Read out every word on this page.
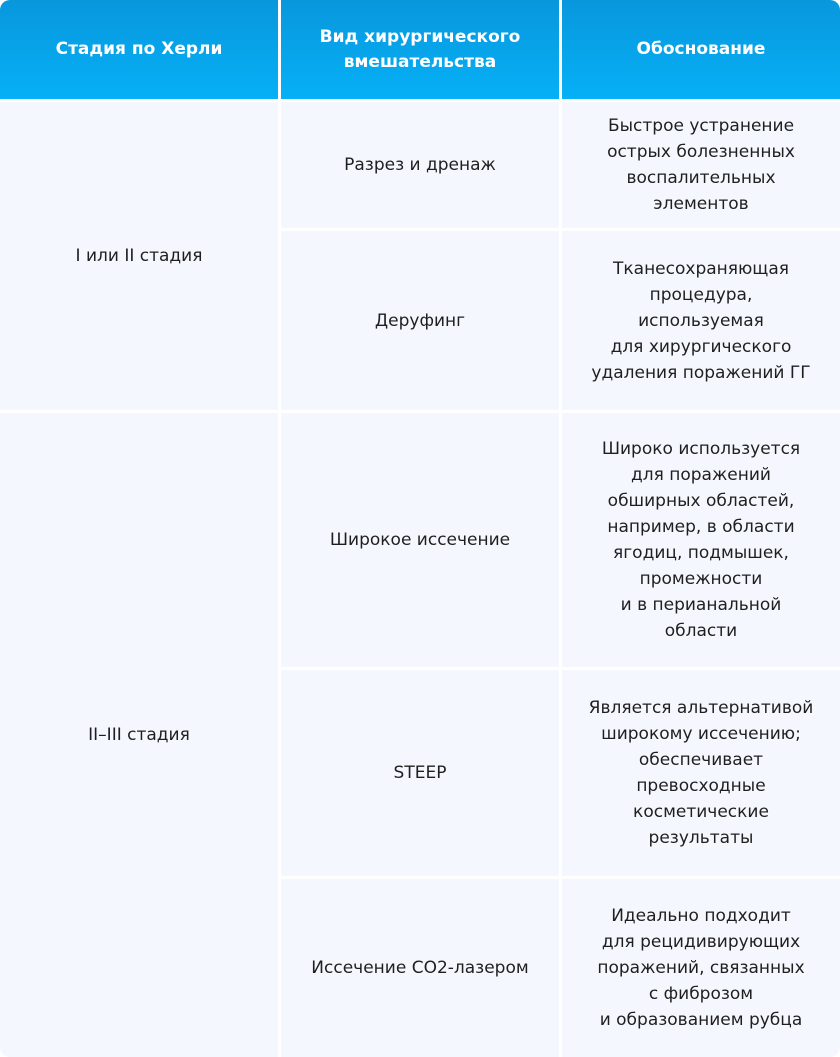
Стадия по Херли
Вид хирургического
вмешательства
Обоснование
I или II стадия
II–III стадия
Разрез и дренаж
Быстрое устранение
острых болезненных
воспалительных
элементов
Деруфинг
Тканесохраняющая
процедура,
используемая
для хирургического
удаления поражений ГГ
Широкое иссечение
Широко используется
для поражений
обширных областей,
например, в области
ягодиц, подмышек,
промежности
и в перианальной
области
STEEP
Является альтернативой
широкому иссечению;
обеспечивает
превосходные
косметические
результаты
Иссечение СО2-лазером
Идеально подходит
для рецидивирующих
поражений, связанных
с фиброзом
и образованием рубца
